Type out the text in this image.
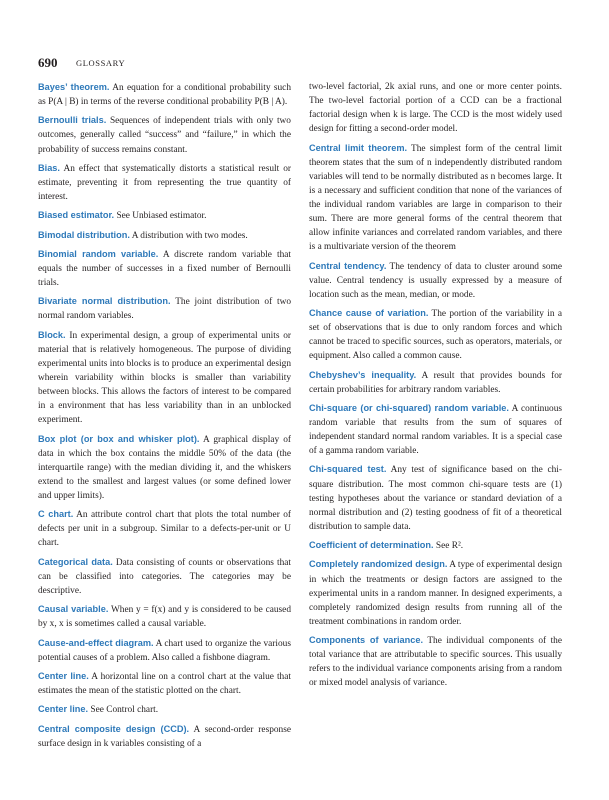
690 GLOSSARY

Bayes’ theorem. An equation for a conditional probability such as P(A | B) in terms of the reverse conditional probability P(B | A).

Bernoulli trials. Sequences of independent trials with only two outcomes, generally called “success” and “failure,” in which the probability of success remains constant.

Bias. An effect that systematically distorts a statistical result or estimate, preventing it from representing the true quantity of interest.

Biased estimator. See Unbiased estimator.

Bimodal distribution. A distribution with two modes.

Binomial random variable. A discrete random variable that equals the number of successes in a fixed number of Bernoulli trials.

Bivariate normal distribution. The joint distribution of two normal random variables.

Block. In experimental design, a group of experimental units or material that is relatively homogeneous. The purpose of dividing experimental units into blocks is to produce an experimental design wherein variability within blocks is smaller than variability between blocks. This allows the factors of interest to be compared in a environment that has less variability than in an unblocked experiment.

Box plot (or box and whisker plot). A graphical display of data in which the box contains the middle 50% of the data (the interquartile range) with the median dividing it, and the whiskers extend to the smallest and largest values (or some defined lower and upper limits).

C chart. An attribute control chart that plots the total number of defects per unit in a subgroup. Similar to a defects-per-unit or U chart.

Categorical data. Data consisting of counts or observations that can be classified into categories. The categories may be descriptive.

Causal variable. When y = f(x) and y is considered to be caused by x, x is sometimes called a causal variable.

Cause-and-effect diagram. A chart used to organize the various potential causes of a problem. Also called a fishbone diagram.

Center line. A horizontal line on a control chart at the value that estimates the mean of the statistic plotted on the chart.

Center line. See Control chart.

Central composite design (CCD). A second-order response surface design in k variables consisting of a

two-level factorial, 2k axial runs, and one or more center points. The two-level factorial portion of a CCD can be a fractional factorial design when k is large. The CCD is the most widely used design for fitting a second-order model.

Central limit theorem. The simplest form of the central limit theorem states that the sum of n independently distributed random variables will tend to be normally distributed as n becomes large. It is a necessary and sufficient condition that none of the variances of the individual random variables are large in comparison to their sum. There are more general forms of the central theorem that allow infinite variances and correlated random variables, and there is a multivariate version of the theorem

Central tendency. The tendency of data to cluster around some value. Central tendency is usually expressed by a measure of location such as the mean, median, or mode.

Chance cause of variation. The portion of the variability in a set of observations that is due to only random forces and which cannot be traced to specific sources, such as operators, materials, or equipment. Also called a common cause.

Chebyshev’s inequality. A result that provides bounds for certain probabilities for arbitrary random variables.

Chi-square (or chi-squared) random variable. A continuous random variable that results from the sum of squares of independent standard normal random variables. It is a special case of a gamma random variable.

Chi-squared test. Any test of significance based on the chi-square distribution. The most common chi-square tests are (1) testing hypotheses about the variance or standard deviation of a normal distribution and (2) testing goodness of fit of a theoretical distribution to sample data.

Coefficient of determination. See R².

Completely randomized design. A type of experimental design in which the treatments or design factors are assigned to the experimental units in a random manner. In designed experiments, a completely randomized design results from running all of the treatment combinations in random order.

Components of variance. The individual components of the total variance that are attributable to specific sources. This usually refers to the individual variance components arising from a random or mixed model analysis of variance.
